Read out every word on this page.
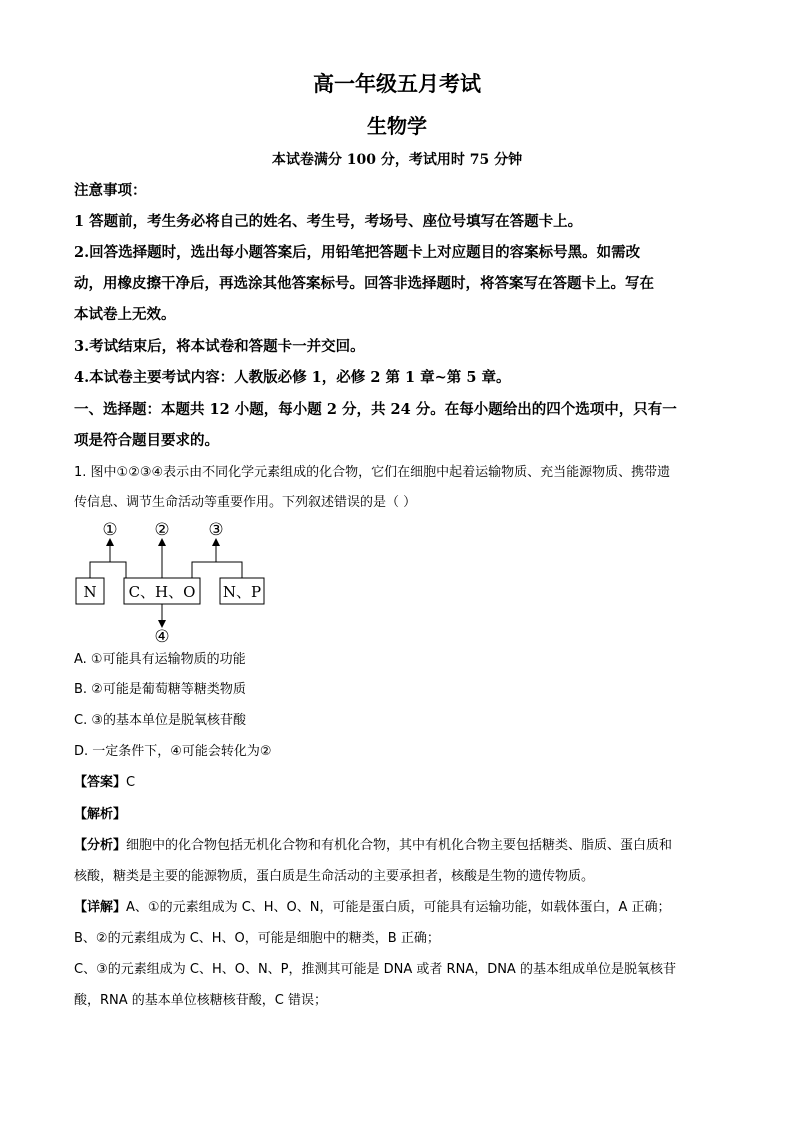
高一年级五月考试
生物学
本试卷满分 100 分，考试用时 75 分钟
注意事项：
1 答题前，考生务必将自己的姓名、考生号，考场号、座位号填写在答题卡上。
2.回答选择题时，选出每小题答案后，用铅笔把答题卡上对应题目的容案标号黑。如需改
动，用橡皮擦干净后，再选涂其他答案标号。回答非选择题时，将答案写在答题卡上。写在
本试卷上无效。
3.考试结束后，将本试卷和答题卡一并交回。
4.本试卷主要考试内容：人教版必修 1，必修 2 第 1 章~第 5 章。
一、选择题：本题共 12 小题，每小题 2 分，共 24 分。在每小题给出的四个选项中，只有一
项是符合题目要求的。
1. 图中①②③④表示由不同化学元素组成的化合物，它们在细胞中起着运输物质、充当能源物质、携带遗
传信息、调节生命活动等重要作用。下列叙述错误的是（ ）
N C、H、O N、P
① ② ③
④
A. ①可能具有运输物质的功能
B. ②可能是葡萄糖等糖类物质
C. ③的基本单位是脱氧核苷酸
D. 一定条件下，④可能会转化为②
【答案】C
【解析】
【分析】细胞中的化合物包括无机化合物和有机化合物，其中有机化合物主要包括糖类、脂质、蛋白质和
核酸，糖类是主要的能源物质，蛋白质是生命活动的主要承担者，核酸是生物的遗传物质。
【详解】A、①的元素组成为 C、H、O、N，可能是蛋白质，可能具有运输功能，如载体蛋白，A 正确；
B、②的元素组成为 C、H、O，可能是细胞中的糖类，B 正确；
C、③的元素组成为 C、H、O、N、P，推测其可能是 DNA 或者 RNA，DNA 的基本组成单位是脱氧核苷
酸，RNA 的基本单位核糖核苷酸，C 错误；
